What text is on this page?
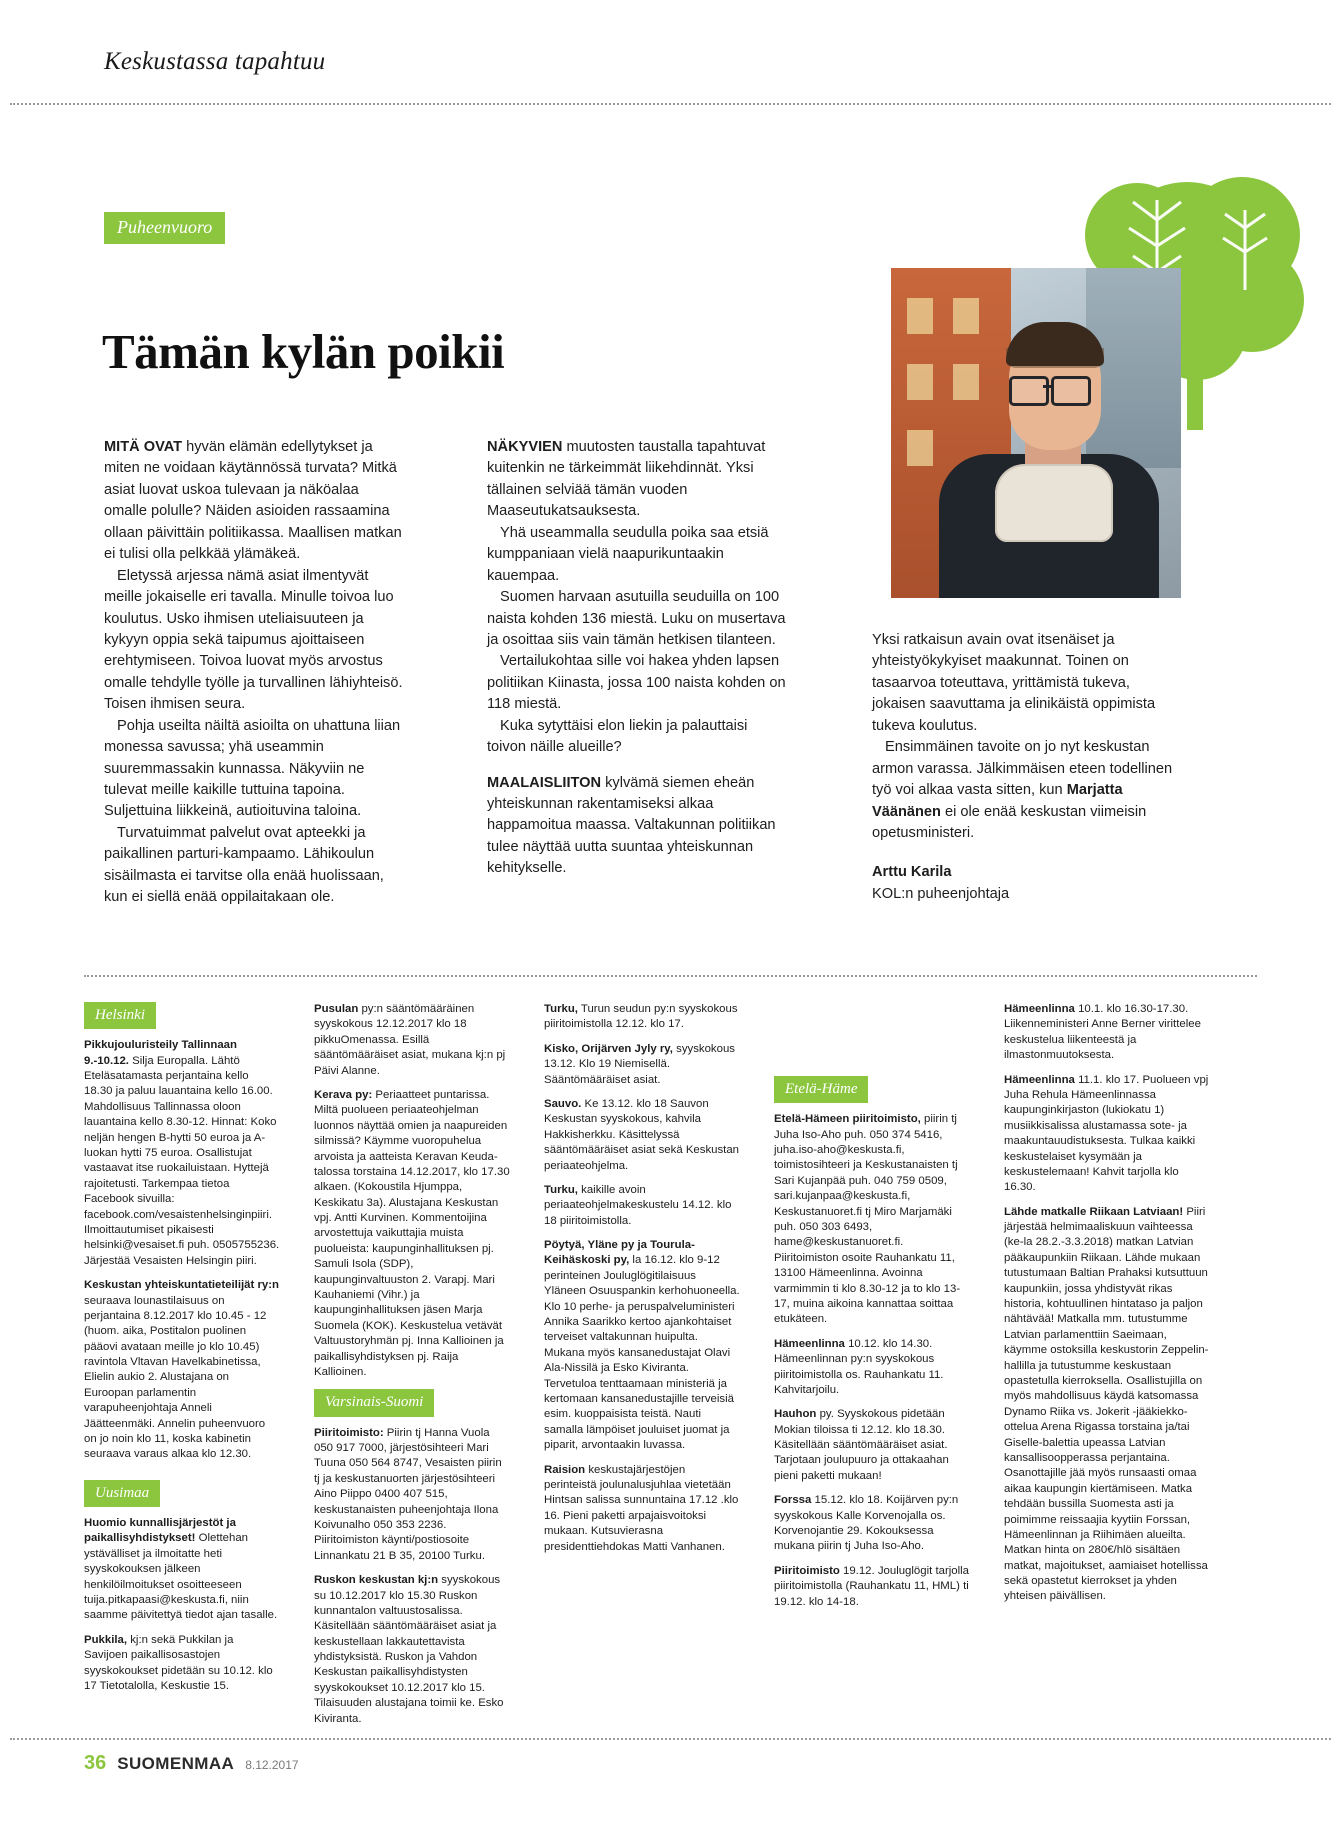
Keskustassa tapahtuu
Puheenvuoro
Tämän kylän poikii

MITÄ OVAT hyvän elämän edellytykset ja miten ne voidaan käytännössä turvata? Mitkä asiat luovat uskoa tulevaan ja näköalaa omalle polulle? Näiden asioiden rassaamina ollaan päivittäin politiikassa. Maallisen matkan ei tulisi olla pelkkää ylämäkeä.

Eletyssä arjessa nämä asiat ilmentyvät meille jokaiselle eri tavalla. Minulle toivoa luo koulutus. Usko ihmisen uteliaisuuteen ja kykyyn oppia sekä taipumus ajoittaiseen erehtymiseen. Toivoa luovat myös arvostus omalle tehdylle työlle ja turvallinen lähiyhteisö. Toisen ihmisen seura.

Pohja useilta näiltä asioilta on uhattuna liian monessa savussa; yhä useammin suuremmassakin kunnassa. Näkyviin ne tulevat meille kaikille tuttuina tapoina. Suljettuina liikkeinä, autioituvina taloina.

Turvatuimmat palvelut ovat apteekki ja paikallinen parturi-kampaamo. Lähikoulun sisäilmasta ei tarvitse olla enää huolissaan, kun ei siellä enää oppilaitakaan ole.

NÄKYVIEN muutosten taustalla tapahtuvat kuitenkin ne tärkeimmät liikehdinnät. Yksi tällainen selviää tämän vuoden Maaseutukatsauksesta.

Yhä useammalla seudulla poika saa etsiä kumppaniaan vielä naapurikuntaakin kauempaa.

Suomen harvaan asutuilla seuduilla on 100 naista kohden 136 miestä. Luku on musertava ja osoittaa siis vain tämän hetkisen tilanteen.

Vertailukohtaa sille voi hakea yhden lapsen politiikan Kiinasta, jossa 100 naista kohden on 118 miestä.

Kuka sytyttäisi elon liekin ja palauttaisi toivon näille alueille?

MAALAISLIITON kylvämä siemen eheän yhteiskunnan rakentamiseksi alkaa happamoitua maassa. Valtakunnan politiikan tulee näyttää uutta suuntaa yhteiskunnan kehitykselle.

Yksi ratkaisun avain ovat itsenäiset ja yhteistyökykyiset maakunnat. Toinen on tasaarvoa toteuttava, yrittämistä tukeva, jokaisen saavuttama ja elinikäistä oppimista tukeva koulutus.

Ensimmäinen tavoite on jo nyt keskustan armon varassa. Jälkimmäisen eteen todellinen työ voi alkaa vasta sitten, kun Marjatta Väänänen ei ole enää keskustan viimeisin opetusministeri.

Arttu Karila
KOL:n puheenjohtaja
Helsinki

Pikkujouluristeily Tallinnaan 9.-10.12. Silja Europalla. Lähtö Eteläsatamasta perjantaina kello 18.30 ja paluu lauantaina kello 16.00. Mahdollisuus Tallinnassa oloon lauantaina kello 8.30-12. Hinnat: Koko neljän hengen B-hytti 50 euroa ja A-luokan hytti 75 euroa. Osallistujat vastaavat itse ruokailuistaan. Hyttejä rajoitetusti. Tarkempaa tietoa Facebook sivuilla: facebook.com/vesaistenhelsinginpiiri. Ilmoittautumiset pikaisesti helsinki@vesaiset.fi puh. 0505755236. Järjestää Vesaisten Helsingin piiri.

Keskustan yhteiskuntatieteilijät ry:n seuraava lounastilaisuus on perjantaina 8.12.2017 klo 10.45 - 12 (huom. aika, Postitalon puolinen pääovi avataan meille jo klo 10.45) ravintola Vltavan Havelkabinetissa, Elielin aukio 2. Alustajana on Euroopan parlamentin varapuheenjohtaja Anneli Jäätteenmäki. Annelin puheenvuoro on jo noin klo 11, koska kabinetin seuraava varaus alkaa klo 12.30.

Uusimaa

Huomio kunnallisjärjestöt ja paikallisyhdistykset! Olettehan ystävälliset ja ilmoitatte heti syyskokouksen jälkeen henkilöilmoitukset osoitteeseen tuija.pitkapaasi@keskusta.fi, niin saamme päivitettyä tiedot ajan tasalle.

Pukkila, kj:n sekä Pukkilan ja Savijoen paikallisosastojen syyskokoukset pidetään su 10.12. klo 17 Tietotalolla, Keskustie 15.

Pusulan py:n sääntömääräinen syyskokous 12.12.2017 klo 18 pikkuOmenassa. Esillä sääntömääräiset asiat, mukana kj:n pj Päivi Alanne.

Kerava py: Periaatteet puntarissa. Miltä puolueen periaateohjelman luonnos näyttää omien ja naapureiden silmissä? Käymme vuoropuhelua arvoista ja aatteista Keravan Keuda-talossa torstaina 14.12.2017, klo 17.30 alkaen. (Kokoustila Hjumppa, Keskikatu 3a). Alustajana Keskustan vpj. Antti Kurvinen. Kommentoijina arvostettuja vaikuttajia muista puolueista: kaupunginhallituksen pj. Samuli Isola (SDP), kaupunginvaltuuston 2. Varapj. Mari Kauhaniemi (Vihr.) ja kaupunginhallituksen jäsen Marja Suomela (KOK). Keskustelua vetävät Valtuustoryhmän pj. Inna Kallioinen ja paikallisyhdistyksen pj. Raija Kallioinen.

Varsinais-Suomi

Piiritoimisto: Piirin tj Hanna Vuola 050 917 7000, järjestösihteeri Mari Tuuna 050 564 8747, Vesaisten piirin tj ja keskustanuorten järjestösihteeri Aino Piippo 0400 407 515, keskustanaisten puheenjohtaja Ilona Koivunalho 050 353 2236. Piiritoimiston käynti/postiosoite Linnankatu 21 B 35, 20100 Turku.

Ruskon keskustan kj:n syyskokous su 10.12.2017 klo 15.30 Ruskon kunnantalon valtuustosalissa. Käsitellään sääntömääräiset asiat ja keskustellaan lakkautettavista yhdistyksistä. Ruskon ja Vahdon Keskustan paikallisyhdistysten syyskokoukset 10.12.2017 klo 15. Tilaisuuden alustajana toimii ke. Esko Kiviranta.

Turku, Turun seudun py:n syyskokous piiritoimistolla 12.12. klo 17.

Kisko, Orijärven Jyly ry, syyskokous 13.12. Klo 19 Niemisellä. Sääntömääräiset asiat.

Sauvo. Ke 13.12. klo 18 Sauvon Keskustan syyskokous, kahvila Hakkisherkku. Käsittelyssä sääntömääräiset asiat sekä Keskustan periaateohjelma.

Turku, kaikille avoin periaateohjelmakeskustelu 14.12. klo 18 piiritoimistolla.

Pöytyä, Yläne py ja Tourula-Keihäskoski py, la 16.12. klo 9-12 perinteinen Jouluglögitilaisuus Yläneen Osuuspankin kerhohuoneella. Klo 10 perhe- ja peruspalveluministeri Annika Saarikko kertoo ajankohtaiset terveiset valtakunnan huipulta. Mukana myös kansanedustajat Olavi Ala-Nissilä ja Esko Kiviranta. Tervetuloa tenttaamaan ministeriä ja kertomaan kansanedustajille terveisiä esim. kuoppaisista teistä. Nauti samalla lämpöiset jouluiset juomat ja piparit, arvontaakin luvassa.

Raision keskustajärjestöjen perinteistä joulunalusjuhlaa vietetään Hintsan salissa sunnuntaina 17.12 .klo 16. Pieni paketti arpajaisvoitoksi mukaan. Kutsuvierasna presidenttiehdokas Matti Vanhanen.

Etelä-Häme

Etelä-Hämeen piiritoimisto, piirin tj Juha Iso-Aho puh. 050 374 5416, juha.iso-aho@keskusta.fi, toimistosihteeri ja Keskustanaisten tj Sari Kujanpää puh. 040 759 0509, sari.kujanpaa@keskusta.fi, Keskustanuoret.fi tj Miro Marjamäki puh. 050 303 6493, hame@keskustanuoret.fi. Piiritoimiston osoite Rauhankatu 11, 13100 Hämeenlinna. Avoinna varmimmin ti klo 8.30-12 ja to klo 13-17, muina aikoina kannattaa soittaa etukäteen.

Hämeenlinna 10.12. klo 14.30. Hämeenlinnan py:n syyskokous piiritoimistolla os. Rauhankatu 11. Kahvitarjoilu.

Hauhon py. Syyskokous pidetään Mokian tiloissa ti 12.12. klo 18.30. Käsitellään sääntömääräiset asiat. Tarjotaan joulupuuro ja ottakaahan pieni paketti mukaan!

Forssa 15.12. klo 18. Koijärven py:n syyskokous Kalle Korvenojalla os. Korvenojantie 29. Kokouksessa mukana piirin tj Juha Iso-Aho.

Piiritoimisto 19.12. Jouluglögit tarjolla piiritoimistolla (Rauhankatu 11, HML) ti 19.12. klo 14-18.

Hämeenlinna 10.1. klo 16.30-17.30. Liikenneministeri Anne Berner virittelee keskustelua liikenteestä ja ilmastonmuutoksesta.

Hämeenlinna 11.1. klo 17. Puolueen vpj Juha Rehula Hämeenlinnassa kaupunginkirjaston (lukiokatu 1) musiikkisalissa alustamassa sote- ja maakuntauudistuksesta. Tulkaa kaikki keskustelaiset kysymään ja keskustelemaan! Kahvit tarjolla klo 16.30.

Lähde matkalle Riikaan Latviaan! Piiri järjestää helmimaaliskuun vaihteessa (ke-la 28.2.-3.3.2018) matkan Latvian pääkaupunkiin Riikaan. Lähde mukaan tutustumaan Baltian Prahaksi kutsuttuun kaupunkiin, jossa yhdistyvät rikas historia, kohtuullinen hintataso ja paljon nähtävää! Matkalla mm. tutustumme Latvian parlamenttiin Saeimaan, käymme ostoksilla keskustorin Zeppelin-hallilla ja tutustumme keskustaan opastetulla kierroksella. Osallistujilla on myös mahdollisuus käydä katsomassa Dynamo Riika vs. Jokerit -jääkiekko-ottelua Arena Rigassa torstaina ja/tai Giselle-balettia upeassa Latvian kansallisoopperassa perjantaina. Osanottajille jää myös runsaasti omaa aikaa kaupungin kiertämiseen. Matka tehdään bussilla Suomesta asti ja poimimme reissaajia kyytiin Forssan, Hämeenlinnan ja Riihimäen alueilta. Matkan hinta on 280€/hlö sisältäen matkat, majoitukset, aamiaiset hotellissa sekä opastetut kierrokset ja yhden yhteisen päivällisen.

36 SUOMENMAA 8.12.2017
